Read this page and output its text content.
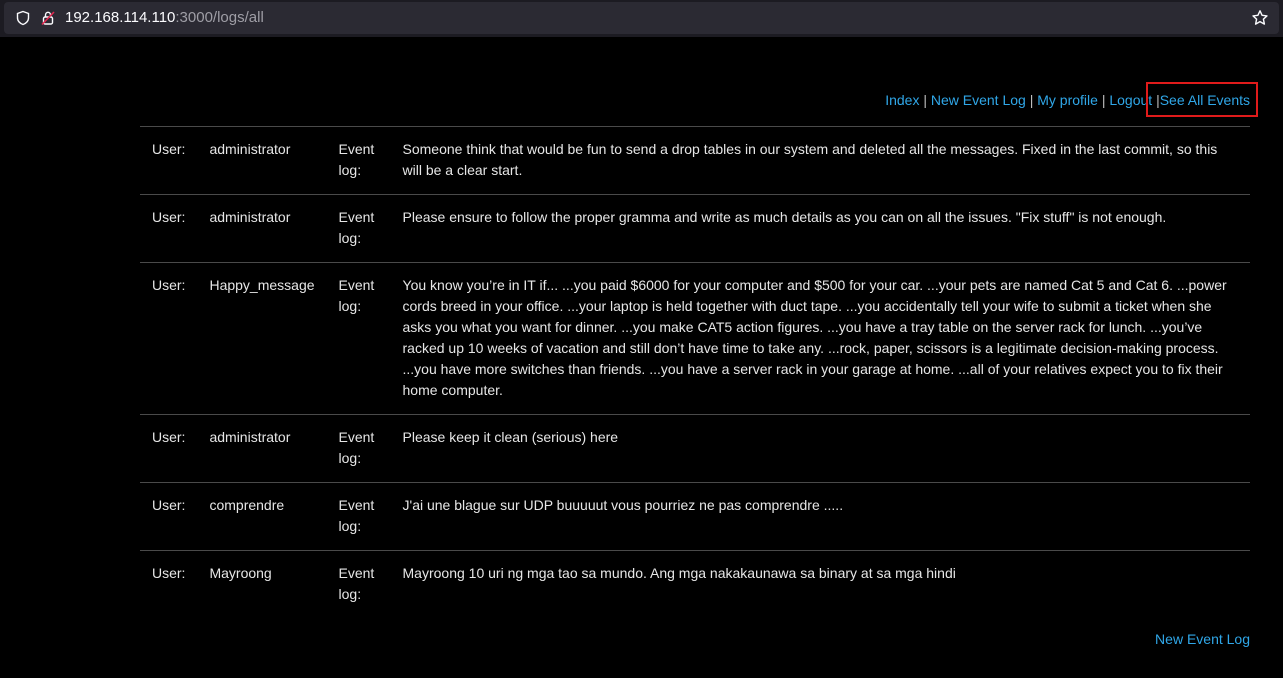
192.168.114.110:3000/logs/all
Index | New Event Log | My profile | Logout |See All Events
User:	administrator	Event log:	Someone think that would be fun to send a drop tables in our system and deleted all the messages. Fixed in the last commit, so this will be a clear start.
User:	administrator	Event log:	Please ensure to follow the proper gramma and write as much details as you can on all the issues. "Fix stuff" is not enough.
User:	Happy_message	Event log:	You know you’re in IT if... ...you paid $6000 for your computer and $500 for your car. ...your pets are named Cat 5 and Cat 6. ...power cords breed in your office. ...your laptop is held together with duct tape. ...you accidentally tell your wife to submit a ticket when she asks you what you want for dinner. ...you make CAT5 action figures. ...you have a tray table on the server rack for lunch. ...you’ve racked up 10 weeks of vacation and still don’t have time to take any. ...rock, paper, scissors is a legitimate decision-making process. ...you have more switches than friends. ...you have a server rack in your garage at home. ...all of your relatives expect you to fix their home computer.
User:	administrator	Event log:	Please keep it clean (serious) here
User:	comprendre	Event log:	J'ai une blague sur UDP buuuuut vous pourriez ne pas comprendre .....
User:	Mayroong	Event log:	Mayroong 10 uri ng mga tao sa mundo. Ang mga nakakaunawa sa binary at sa mga hindi
New Event Log
